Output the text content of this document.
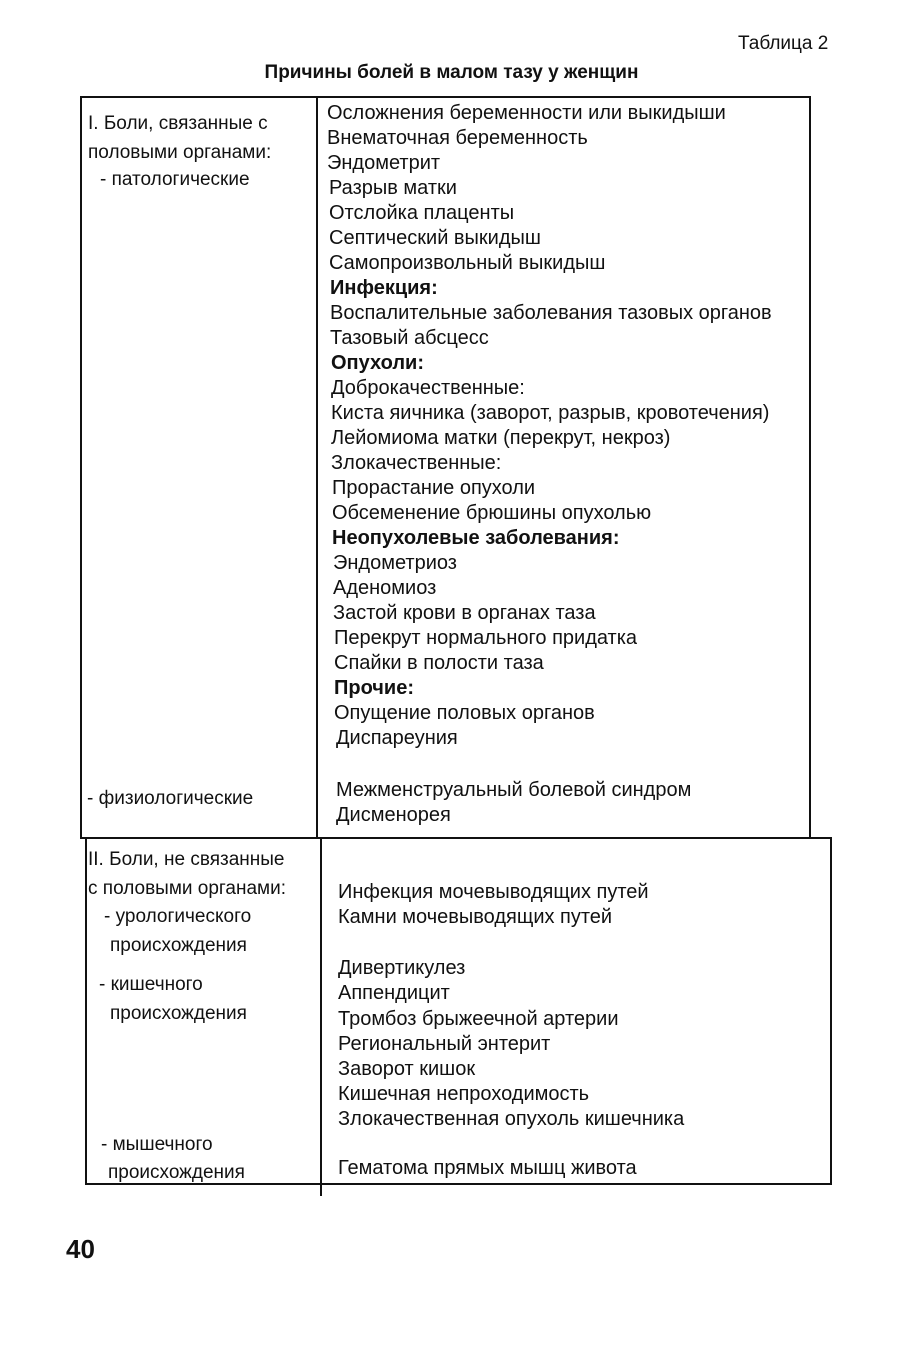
Таблица 2
Причины болей в малом тазу у женщин
I. Боли, связанные с
половыми органами:
- патологические
- физиологические
Осложнения беременности или выкидыши
Внематочная беременность
Эндометрит
Разрыв матки
Отслойка плаценты
Септический выкидыш
Самопроизвольный выкидыш
Инфекция:
Воспалительные заболевания тазовых органов
Тазовый абсцесс
Опухоли:
Доброкачественные:
Киста яичника (заворот, разрыв, кровотечения)
Лейомиома матки (перекрут, некроз)
Злокачественные:
Прорастание опухоли
Обсеменение брюшины опухолью
Неопухолевые заболевания:
Эндометриоз
Аденомиоз
Застой крови в органах таза
Перекрут нормального придатка
Спайки в полости таза
Прочие:
Опущение половых органов
Диспареуния
Межменструальный болевой синдром
Дисменорея
II. Боли, не связанные
с половыми органами:
- урологического
происхождения
- кишечного
происхождения
- мышечного
происхождения
Инфекция мочевыводящих путей
Камни мочевыводящих путей
Дивертикулез
Аппендицит
Тромбоз брыжеечной артерии
Региональный энтерит
Заворот кишок
Кишечная непроходимость
Злокачественная опухоль кишечника
Гематома прямых мышц живота
40
